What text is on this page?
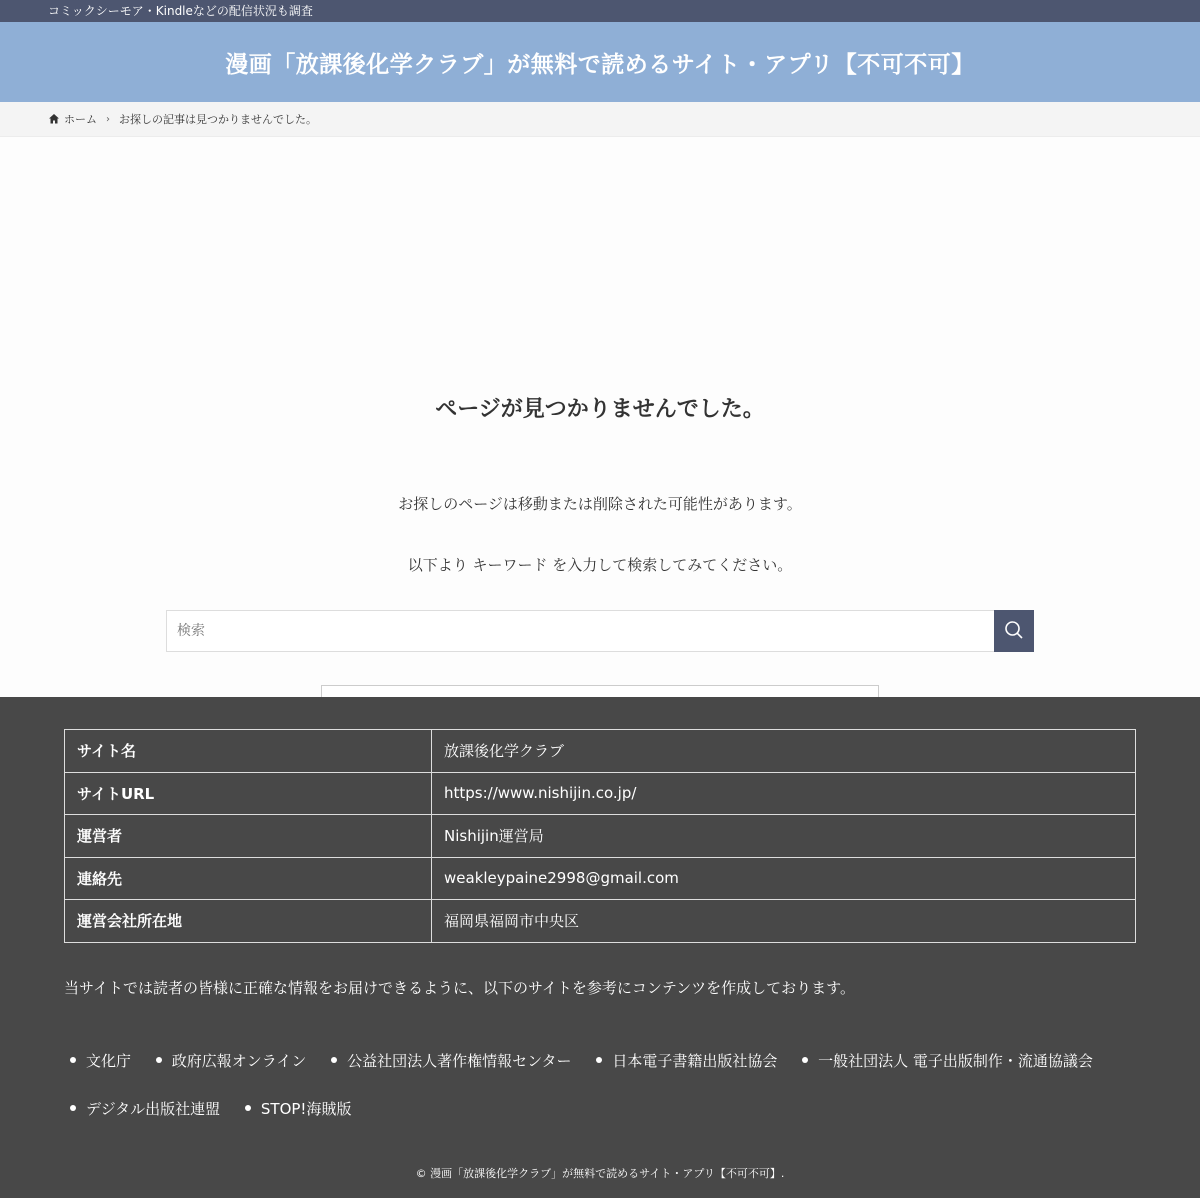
コミックシーモア・Kindleなどの配信状況も調査
漫画「放課後化学クラブ」が無料で読めるサイト・アプリ【不可不可】
ホーム › お探しの記事は見つかりませんでした。
ページが見つかりませんでした。

お探しのページは移動または削除された可能性があります。

以下より キーワード を入力して検索してみてください。

検索
サイト名	放課後化学クラブ
サイトURL	https://www.nishijin.co.jp/
運営者	Nishijin運営局
連絡先	weakleypaine2998@gmail.com
運営会社所在地	福岡県福岡市中央区

当サイトでは読者の皆様に正確な情報をお届けできるように、以下のサイトを参考にコンテンツを作成しております。

文化庁	政府広報オンライン	公益社団法人著作権情報センター	日本電子書籍出版社協会	一般社団法人 電子出版制作・流通協議会 デジタル出版社連盟	STOP!海賊版

© 漫画「放課後化学クラブ」が無料で読めるサイト・アプリ【不可不可】.
